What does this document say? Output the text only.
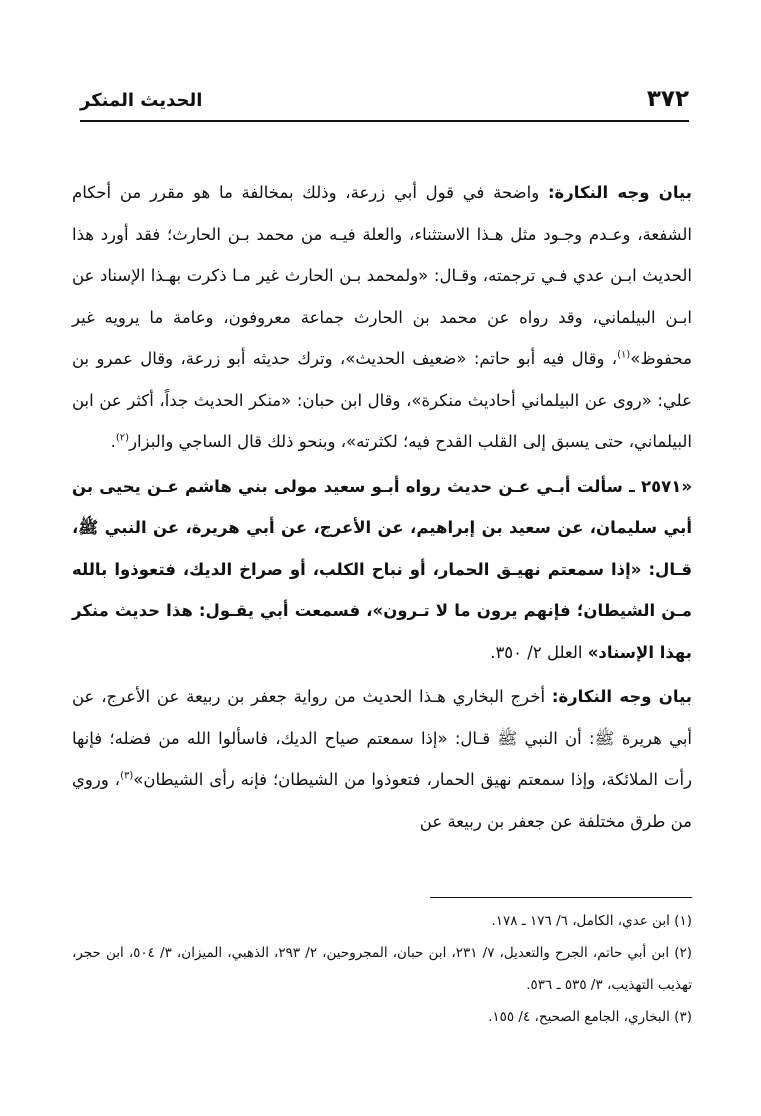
٣٧٢
الحديث المنكر

بيان وجه النكارة: واضحة في قول أبي زرعة، وذلك بمخالفة ما هو مقرر من أحكام الشفعة، وعـدم وجـود مثل هـذا الاستثناء، والعلة فيـه من محمد بـن الحارث؛ فقد أورد هذا الحديث ابـن عدي فـي ترجمته، وقـال: «ولمحمد بـن الحارث غير مـا ذكرت بهـذا الإسناد عن ابـن البيلماني، وقد رواه عن محمد بن الحارث جماعة معروفون، وعامة ما يرويه غير محفوظ»$^{(١)}$، وقال فيه أبو حاتم: «ضعيف الحديث»، وترك حديثه أبو زرعة، وقال عمرو بن علي: «روى عن البيلماني أحاديث منكرة»، وقال ابن حبان: «منكر الحديث جداً، أكثر عن ابن البيلماني، حتى يسبق إلى القلب القدح فيه؛ لكثرته»، وبنحو ذلك قال الساجي والبزار$^{(٢)}$.

«٢٥٧١ ـ سألت أبـي عـن حديث رواه أبـو سعيد مولى بني هاشم عـن يحيى بن أبي سليمان، عن سعيد بن إبراهيم، عن الأعرج، عن أبي هريرة، عن النبي ﷺ، قـال: «إذا سمعتم نهيـق الحمار، أو نباح الكلب، أو صراخ الديك، فتعوذوا بالله مـن الشيطان؛ فإنهم يرون ما لا تـرون»، فسمعت أبي يقـول: هذا حديث منكر بهذا الإسناد» العلل ٢/ ٣٥٠.

بيان وجه النكارة: أخرج البخاري هـذا الحديث من رواية جعفر بن ربيعة عن الأعرج، عن أبي هريرة ﷺ: أن النبي ﷺ قـال: «إذا سمعتم صياح الديك، فاسألوا الله من فضله؛ فإنها رأت الملائكة، وإذا سمعتم نهيق الحمار، فتعوذوا من الشيطان؛ فإنه رأى الشيطان»$^{(٣)}$، وروي من طرق مختلفة عن جعفر بن ربيعة عن

(١) ابن عدي، الكامل، ٦/ ١٧٦ ـ ١٧٨.

(٢) ابن أبي حاتم، الجرح والتعديل، ٧/ ٢٣١، ابن حبان، المجروحين، ٢/ ٢٩٣، الذهبي، الميزان، ٣/ ٥٠٤، ابن حجر، تهذيب التهذيب، ٣/ ٥٣٥ ـ ٥٣٦.

(٣) البخاري، الجامع الصحيح، ٤/ ١٥٥.
